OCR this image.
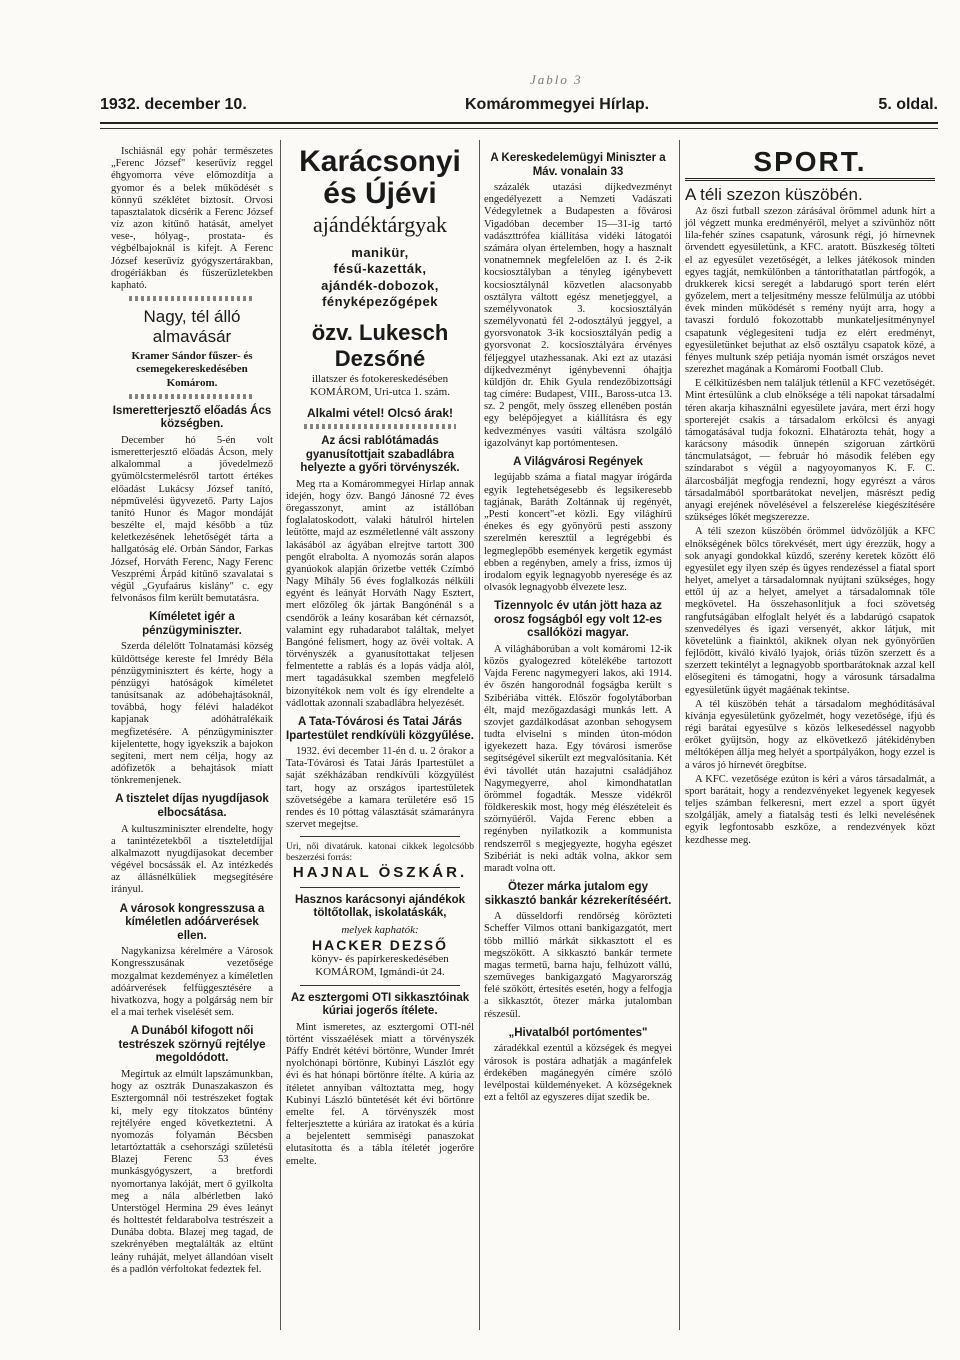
Jablo 3
1932. december 10.	Komárommegyei Hírlap.	5. oldal.

Ischiásnál egy pohár természetes „Ferenc József" keserűvíz reggel éhgyomorra véve előmozdítja a gyomor és a belek működését s könnyű széklétet biztosít. Orvosi tapasztalatok dicsérik a Ferenc József víz azon kitűnő hatását, amelyet vese-, hólyag-, prostata- és végbélbajoknál is kifejt. A Ferenc József keserűvíz gyógyszertárakban, drogériákban és fűszerüzletekben kapható.

Nagy, tél álló almavásár
Kramer Sándor fűszer- és csemegekereskedésében Komárom.
Ismeretterjesztő előadás Ács községben.

December hó 5-én volt ismeretterjesztő előadás Ácson, mely alkalommal a jövedelmező gyümölcstermelésről tartott értékes előadást Lukácsy József tanító, népművelési ügyvezető. Party Lajos tanító Hunor és Magor mondáját beszélte el, majd később a tűz keletkezésének lehetőségét tárta a hallgatóság elé. Orbán Sándor, Farkas József, Horváth Ferenc, Nagy Ferenc Veszprémi Árpád kitűnő szavalatai s végül „Gyufaárus kislány" c. egy felvonásos film került bemutatásra.

Kíméletet igér a pénzügyminiszter.

Szerda délelőtt Tolnatamási község küldöttsége kereste fel Imrédy Béla pénzügyminisztert és kérte, hogy a pénzügyi hatóságok kíméletet tanúsítsanak az adóbehajtásoknál, továbbá, hogy félévi haladékot kapjanak adóhátralékaik megfizetésére. A pénzügyminiszter kijelentette, hogy igyekszik a bajokon segíteni, mert nem célja, hogy az adófizetők a behajtások miatt tönkremenjenek.

A tisztelet díjas nyugdíjasok elbocsátása.

A kultuszminiszter elrendelte, hogy a tanintézetekből a tiszteletdíjjal alkalmazott nyugdíjasokat december végével bocsássák el. Az intézkedés az állásnélküliek megsegítésére irányul.

A városok kongresszusa a kíméletlen adóárverések ellen.

Nagykanizsa kérelmére a Városok Kongresszusának vezetősége mozgalmat kezdeményez a kíméletlen adóárverések felfüggesztésére a hivatkozva, hogy a polgárság nem bír el a mai terhek viselését sem.

A Dunából kifogott női testrészek szörnyű rejtélye megoldódott.

Megírtuk az elmúlt lapszámunkban, hogy az osztrák Dunaszakaszon és Esztergomnál női testrészeket fogtak ki, mely egy titokzatos bűntény rejtélyére enged következtetni. A nyomozás folyamán Bécsben letartóztatták a csehországi születésű Blazej Ferenc 53 éves munkásgyógyszert, a bretfordi nyomortanya lakóját, mert ő gyilkolta meg a nála albérletben lakó Unterstögel Hermina 29 éves leányt és holttestét feldarabolva testrészeit a Dunába dobta. Blazej meg tagad, de szekrényében megtalálták az eltűnt leány ruháját, melyet állandóan viselt és a padlón vérfoltokat fedeztek fel.

Karácsonyi és Újévi
ajándéktárgyak
manikür,
fésű-kazetták,
ajándék-dobozok,
fényképezőgépek
özv. Lukesch Dezsőné
illatszer és fotokereskedésében KOMÁROM, Uri-utca 1. szám.
Alkalmi vétel! Olcsó árak!
Az ácsi rablótámadás gyanusítottjait szabadlábra helyezte a győri törvényszék.

Meg rta a Komárommegyei Hírlap annak idején, hogy özv. Bangó Jánosné 72 éves öregasszonyt, amint az istállóban foglalatoskodott, valaki hátulról hirtelen leütötte, majd az eszméletlenné vált asszony lakásából az ágyában elrejtve tartott 300 pengőt elrabolta. A nyomozás során alapos gyanúokok alapján őrizetbe vették Czímbó Nagy Mihály 56 éves foglalkozás nélküli egyént és leányát Horváth Nagy Esztert, mert előzőleg ők jártak Bangónénál s a csendőrök a leány kosarában két cérnazsót, valamint egy ruhadarabot találtak, melyet Bangóné felismert, hogy az övéi voltak. A törvényszék a gyanusítottakat teljesen felmentette a rablás és a lopás vádja alól, mert tagadásukkal szemben megfelelő bizonyítékok nem volt és így elrendelte a vádlottak azonnali szabadlábra helyezését.

A Tata-Tóvárosi és Tatai Járás Ipartestület rendkívüli közgyűlése.

1932. évi december 11-én d. u. 2 órakor a Tata-Tóvárosi és Tatai Járás Ipartestület a saját székházában rendkívüli közgyűlést tart, hogy az országos ipartestületek szövetségébe a kamara területére eső 15 rendes és 10 póttag választását számarányra szervet megejtse.

Uri, női divatáruk. katonai cikkek legolcsóbb beszerzési forrás:
HAJNAL ÖSZKÁR.
Hasznos karácsonyi ajándékok töltőtollak, iskolatáskák,
melyek kaphatók:
HACKER DEZSŐ
könyv- és papírkereskedésében KOMÁROM, Igmándi-út 24.
Az esztergomi OTI sikkasztóinak kúriai jogerős ítélete.

Mint ismeretes, az esztergomi OTI-nél történt visszaélések miatt a törvényszék Páffy Endrét kétévi börtönre, Wunder Imrét nyolchónapi börtönre, Kubinyi Lászlót egy évi és hat hónapi börtönre ítélte. A kúria az ítéletet annyiban változtatta meg, hogy Kubinyi László büntetését két évi börtönre emelte fel. A törvényszék most felterjesztette a kúriára az iratokat és a kúria a bejelentett semmiségi panaszokat elutasította és a tábla ítéletét jogerőre emelte.

A Kereskedelemügyi Miniszter a Máv. vonalain 33

százalék utazási díjkedvezményt engedélyezett a Nemzeti Vadászati Védegyletnek a Budapesten a fővárosi Vigadóban december 15—31-ig tartó vadászttrófea kiállítása vidéki látogatói számára olyan értelemben, hogy a hasznalt vonatnemnek megfelelően az I. és 2-ik kocsiosztályban a tényleg igénybevett kocsiosztálynál közvetlen alacsonyabb osztályra váltott egész menetjeggyel, a személyvonatok 3. kocsiosztályán személyvonatú fél 2-odosztályú jeggyel, a gyorsvonatok 3-ik kocsiosztályán pedig a gyorsvonat 2. kocsiosztályára érvényes féljeggyel utazhessanak. Aki ezt az utazási díjkedvezményt igénybevenni óhajtja küldjön dr. Ehik Gyula rendezőbizottsági tag címére: Budapest, VIII., Baross-utca 13. sz. 2 pengőt, mely összeg ellenében postán egy belépőjegyet a kiállításra és egy kedvezményes vasúti váltásra szolgáló igazolványt kap portómentesen.

A Világvárosi Regények

legújabb száma a fiatal magyar írógárda egyik legtehetségesebb és legsikeresebb tagjának, Baráth Zoltánnak új regényét, „Pesti koncert"-et közli. Egy világhírű énekes és egy gyönyörű pesti asszony szerelmén keresztül a legrégebbi és legmeglepőbb események kergetik egymást ebben a regényben, amely a friss, ízmos új irodalom egyik legnagyobb nyeresége és az olvasók legnagyobb élvezete lesz.

Tizennyolc év után jött haza az orosz fogságból egy volt 12-es csallóközi magyar.

A világháborúban a volt komáromi 12-ik közös gyalogezred kötelékébe tartozott Vajda Ferenc nagymegyeri lakos, aki 1914. év őszén hangorodnál fogságba került s Szibériába vitték. Először fogolytáborban élt, majd mezőgazdasági munkás lett. A szovjet gazdálkodásat azonban sehogysem tudta elviselni s minden úton-módon igyekezett haza. Egy tóvárosi ismerőse segítségével sikerült ezt megvalósítania. Két évi távollét után hazajutni családjához Nagymegyerre, ahol kimondhatatlan örömmel fogadták. Messze vidékről földkereskik most, hogy még élészételeit és szörnyűéről. Vajda Ferenc ebben a regényben nyilatkozik a kommunista rendszerről s megjegyezte, hogyha egészet Szibériát is neki adták volna, akkor sem maradt volna ott.

Ötezer márka jutalom egy sikkasztó bankár kézrekerítéséért.

A düsseldorfi rendőrség körözteti Scheffer Vilmos ottani bankigazgatót, mert több millió márkát sikkasztott el es megszökött. A sikkasztó bankár termete magas termetű, barna haju, felhúzott vállú, szemüveges bankigazgató Magyarország felé szökött, értesítés esetén, hogy a felfogja a sikkasztót, ötezer márka jutalomban részesül.

„Hivatalból portómentes"

záradékkal ezentúl a községek és megyei városok is postára adhatják a magánfelek érdekében magánegyén címére szóló levélpostai küldeményeket. A községeknek ezt a feltől az egyszeres díjat szedik be.

SPORT.
A téli szezon küszöbén.

Az őszi futball szezon zárásával örömmel adunk hírt a jól végzett munka eredményéről, melyet a szivünhöz nőtt lila-fehér színes csapatunk, városunk régi, jó hírnevnek örvendett egyesületünk, a KFC. aratott. Büszkeség tölteti el az egyesület vezetőségét, a lelkes játékosok minden egyes tagját, nemkülönben a tántoríthatatlan pártfogók, a drukkerek kicsi seregét a labdarugó sport terén elért győzelem, mert a teljesítmény messze felülmúlja az utóbbi évek minden működését s remény nyújt arra, hogy a tavaszi forduló fokozottabb munkateljesítménynyel csapatunk véglegesiteni tudja ez elért eredményt, egyesületünket bejuthat az első osztályu csapatok közé, a fényes multunk szép petiája nyomán ismét országos nevet szerezhet magának a Komáromi Football Club.

E célkitűzésben nem találjuk tétlenül a KFC vezetőségét. Mint értesülünk a club elnöksége a téli napokat társadalmi téren akarja kihasználni egyesülete javára, mert érzi hogy sporterejét csakis a társadalom erkölcsi és anyagi támogatásával tudja fokozni. Elhatározta tehát, hogy a karácsony második ünnepén szigoruan zártkörű táncmulatságot, — február hó második felében egy színdarabot s végül a nagyoyomanyos K. F. C. álarcosbálját megfogja rendezni, hogy egyrészt a város társadalmából sportbarátokat neveljen, másrészt pedig anyagi erejének növelésével a felszerelése kiegészítésére szükséges lőkét megszerezze.

A téli szezon küszöbén örömmel üdvözöljük a KFC elnökségének bölcs törekvését, mert úgy érezzük, hogy a sok anyagi gondokkal küzdő, szerény keretek között élő egyesület egy ilyen szép és ügyes rendezéssel a fiatal sport helyet, amelyet a társadalomnak nyújtani szükséges, hogy ettől új az a helyet, amelyet a társadalomnak tőle megkövetel. Ha összehasonlítjuk a foci szövetség rangfutságában elfoglalt helyét és a labdarúgó csapatok szenvedélyes és igazi versenyét, akkor látjuk, mit követelünk a fiainktól, akiknek olyan nek gyönyörűen fejlődött, kiváló kiváló lyajok, óriás tűzön szerzett és a szerzett tekintélyt a legnagyobb sportbarátoknak azzal kell elősegíteni és támogatni, hogy a városunk társadalma egyesületünk ügyét magáénak tekintse.

A tél küszöbén tehát a társadalom meghódításával kívánja egyesületünk győzelmét, hogy vezetősége, ifjú és régi barátai egyesülve s közös lelkesedéssel nagyobb erőket gyűjtsön, hogy az elkövetkező játékidényben méltóképen állja meg helyét a sportpályákon, hogy ezzel is a város jó hírnevét öregbítse.

A KFC. vezetősége ezúton is kéri a város társadalmát, a sport barátait, hogy a rendezvényeket legyenek kegyesek teljes számban felkeresni, mert ezzel a sport ügyét szolgálják, amely a fiatalság testi és lelki nevelésének egyik legfontosabb eszköze, a rendezvények közt kezdhesse meg.
